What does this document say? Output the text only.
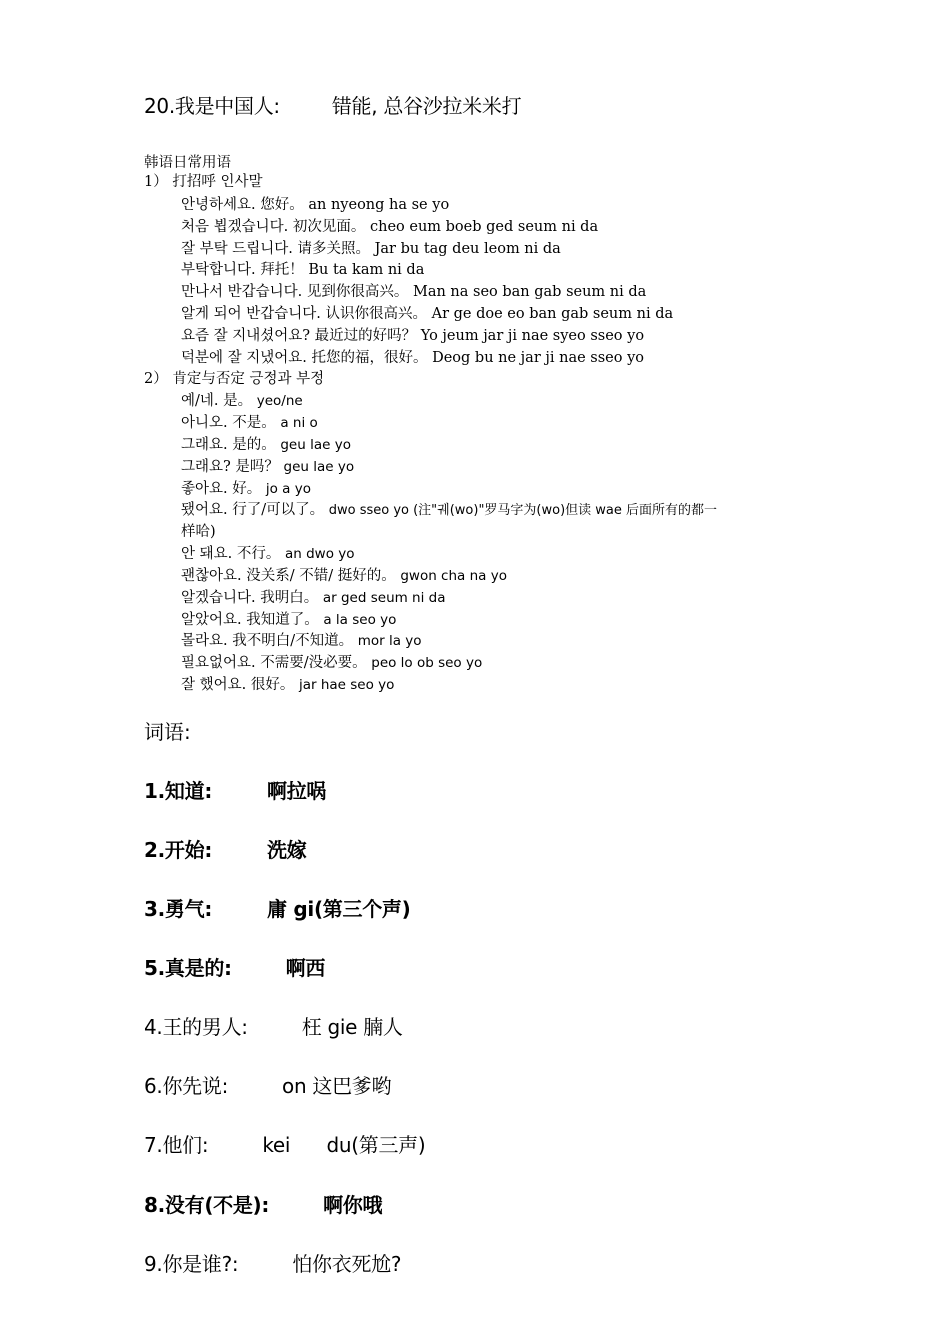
20.我是中国人:	错能, 总谷沙拉米米打
韩语日常用语
1） 打招呼 인사말
안녕하세요. 您好。 an nyeong ha se yo
처음 뵙겠습니다. 初次见面。 cheo eum boeb ged seum ni da
잘 부탁 드립니다. 请多关照。 Jar bu tag deu leom ni da
부탁합니다. 拜托！ Bu ta kam ni da
만나서 반갑습니다. 见到你很高兴。 Man na seo ban gab seum ni da
알게 되어 반갑습니다. 认识你很高兴。 Ar ge doe eo ban gab seum ni da
요즘 잘 지내셨어요? 最近过的好吗？ Yo jeum jar ji nae syeo sseo yo
덕분에 잘 지냈어요. 托您的福，很好。 Deog bu ne jar ji nae sseo yo
2） 肯定与否定 긍정과 부정
예/네. 是。 yeo/ne
아니오. 不是。 a ni o
그래요. 是的。 geu lae yo
그래요? 是吗？ geu lae yo
좋아요. 好。 jo a yo
됐어요. 行了/可以了。 dwo sseo yo (注"궤(wo)"罗马字为(wo)但读 wae 后面所有的都一
样哈)
안 돼요. 不行。 an dwo yo
괜찮아요. 没关系/ 不错/ 挺好的。 gwon cha na yo
알겠습니다. 我明白。 ar ged seum ni da
알았어요. 我知道了。 a la seo yo
몰라요. 我不明白/不知道。 mor la yo
필요없어요. 不需要/没必要。 peo lo ob seo yo
잘 했어요. 很好。 jar hae seo yo
词语:
1.知道:	啊拉㖞
2.开始:	洗嫁
3.勇气:	庸 gi(第三个声)
5.真是的:	啊西
4.王的男人:	枉 gie 腩人
6.你先说:	on 这巴爹哟
7.他们:	kei      du(第三声)
8.没有(不是):	啊你哦
9.你是谁?:	怕你衣死尬?
